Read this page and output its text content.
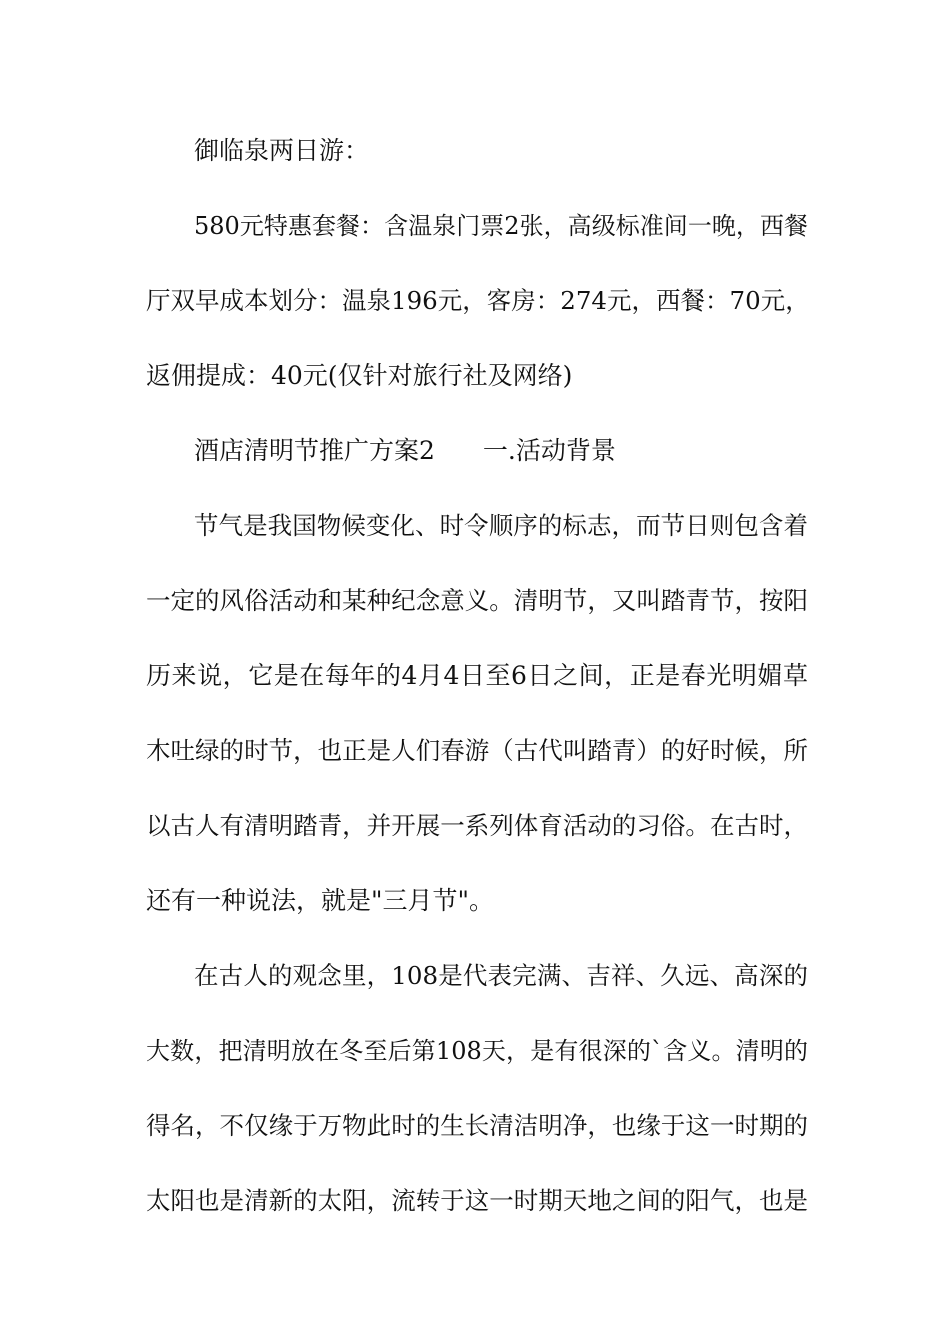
御临泉两日游：
580元特惠套餐：含温泉门票2张，高级标准间一晚，西餐
厅双早成本划分：温泉196元，客房：274元，西餐：70元，
返佣提成：40元(仅针对旅行社及网络)
酒店清明节推广方案2 一.活动背景
节气是我国物候变化、时令顺序的标志，而节日则包含着
一定的风俗活动和某种纪念意义。清明节，又叫踏青节，按阳
历来说，它是在每年的4月4日至6日之间，正是春光明媚草
木吐绿的时节，也正是人们春游（古代叫踏青）的好时候，所
以古人有清明踏青，并开展一系列体育活动的习俗。在古时，
还有一种说法，就是"三月节"。
在古人的观念里，108是代表完满、吉祥、久远、高深的
大数，把清明放在冬至后第108天，是有很深的`含义。清明的
得名，不仅缘于万物此时的生长清洁明净，也缘于这一时期的
太阳也是清新的太阳，流转于这一时期天地之间的阳气，也是
